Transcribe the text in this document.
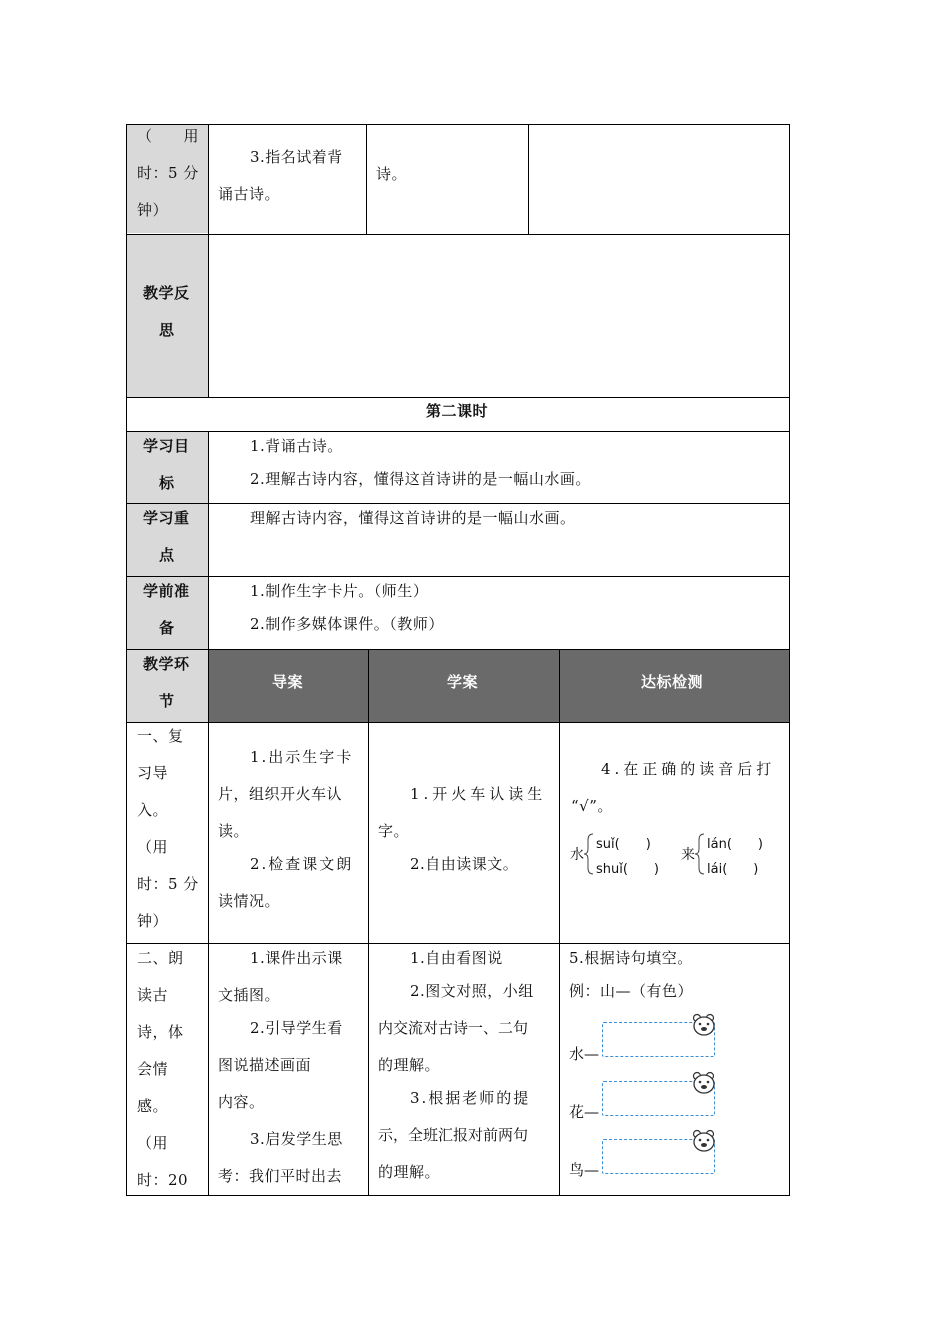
（　　用
时：5 分
钟）
3.指名试着背
诵古诗。
诗。
教学反
思
第二课时
学习目
标
1.背诵古诗。
2.理解古诗内容，懂得这首诗讲的是一幅山水画。
学习重
点
理解古诗内容，懂得这首诗讲的是一幅山水画。
学前准
备
1.制作生字卡片。（师生）
2.制作多媒体课件。（教师）
教学环
节
导案	学案	达标检测
一、复
习导
入。
（用
时：5 分
钟）
1.出示生字卡
片，组织开火车认
读。
2.检查课文朗
读情况。
1.开火车认读生
字。
2.自由读课文。
4.在正确的读音后打
“√”。
水
suǐ(　　)
shuǐ(　　)
来
lán(　　)
lái(　　)
二、朗
读古
诗，体
会情
感。
（用
时：20
1.课件出示课
文插图。
2.引导学生看
图说描述画面
内容。
3.启发学生思
考：我们平时出去
1.自由看图说
2.图文对照，小组
内交流对古诗一、二句
的理解。
3.根据老师的提
示，全班汇报对前两句
的理解。
5.根据诗句填空。
例：山—（有色）
水—
花—
鸟—
